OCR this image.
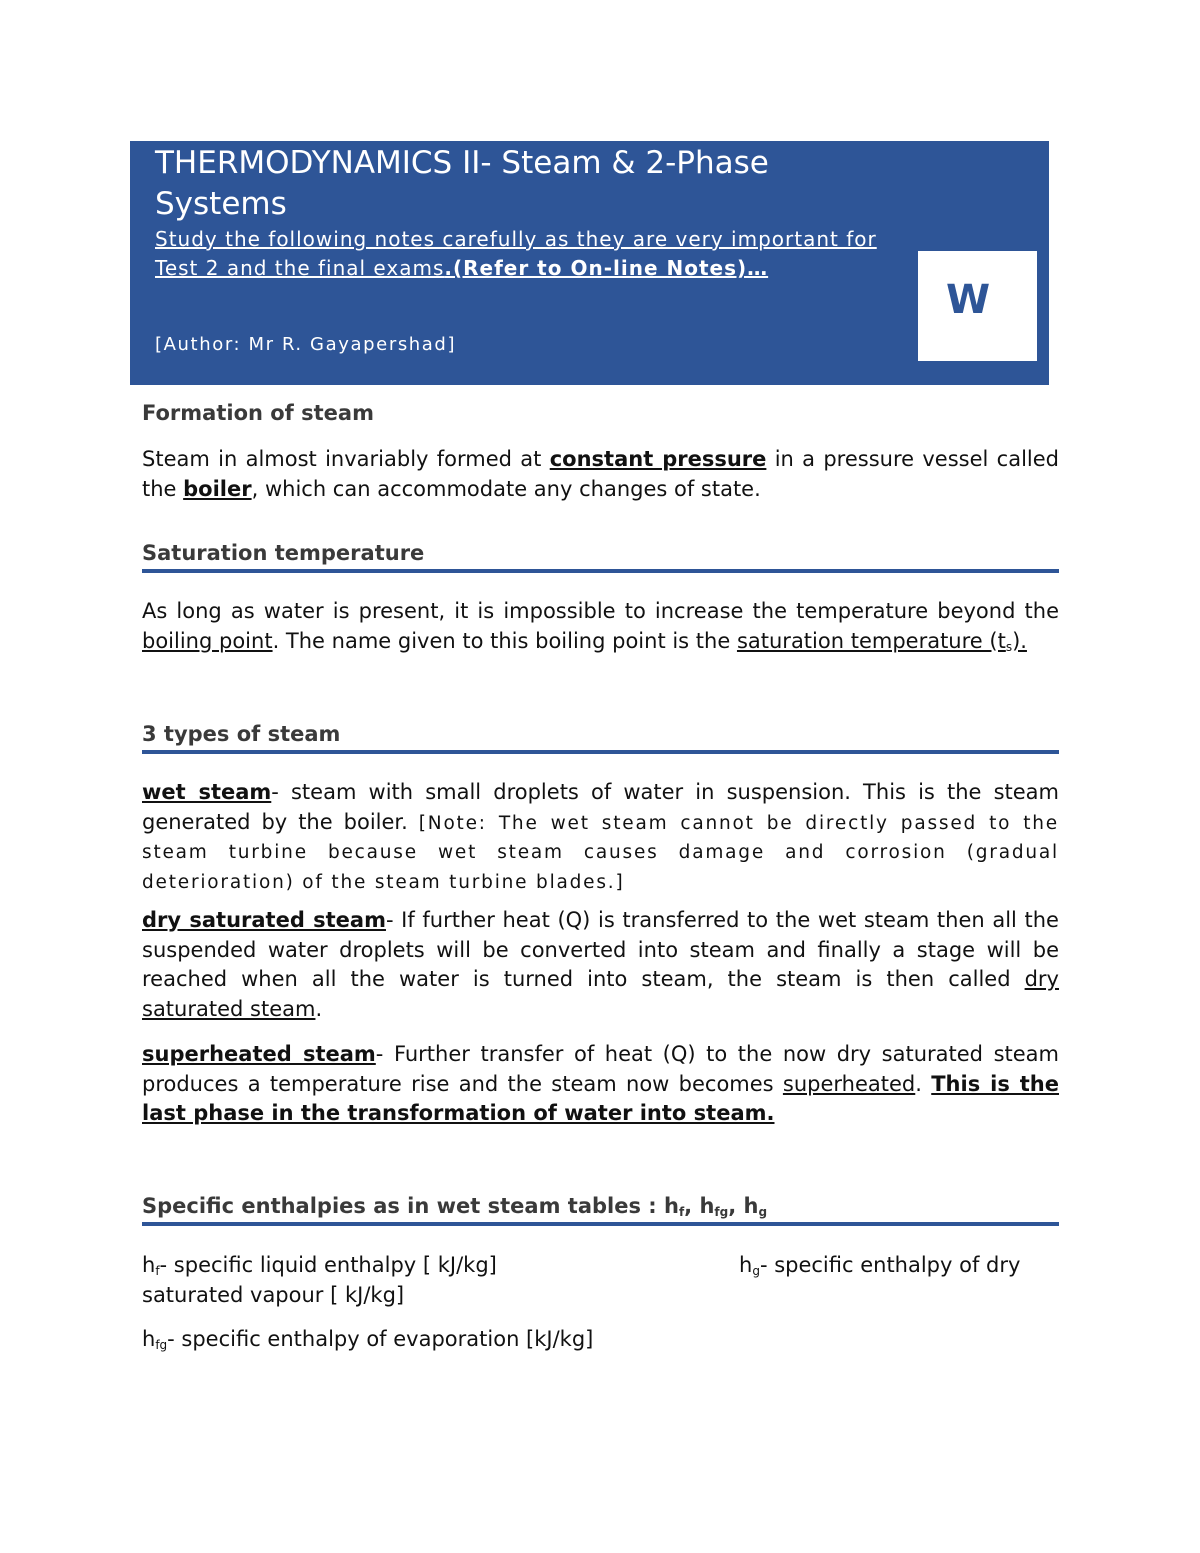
THERMODYNAMICS II- Steam & 2-Phase Systems
Study the following notes carefully as they are very important for Test 2 and the final exams.(Refer to On-line Notes)…
[Author: Mr R. Gayapershad]
W
Formation of steam
Steam in almost invariably formed at constant pressure in a pressure vessel called the boiler, which can accommodate any changes of state.
Saturation temperature
As long as water is present, it is impossible to increase the temperature beyond the boiling point. The name given to this boiling point is the saturation temperature $(t_s)$.
3 types of steam
wet steam- steam with small droplets of water in suspension. This is the steam generated by the boiler. [Note: The wet steam cannot be directly passed to the steam turbine because wet steam causes damage and corrosion (gradual deterioration) of the steam turbine blades.]
dry saturated steam- If further heat (Q) is transferred to the wet steam then all the suspended water droplets will be converted into steam and finally a stage will be reached when all the water is turned into steam, the steam is then called dry saturated steam.
superheated steam- Further transfer of heat (Q) to the now dry saturated steam produces a temperature rise and the steam now becomes superheated. This is the last phase in the transformation of water into steam.
Specific enthalpies as in wet steam tables : $h_f$, $h_{fg}$, $h_g$
$h_f-$ specific liquid enthalpy [ kJ/kg]	$h_g-$ specific enthalpy of dry
saturated vapour [ kJ/kg]
$h_{fg}-$ specific enthalpy of evaporation [kJ/kg]
